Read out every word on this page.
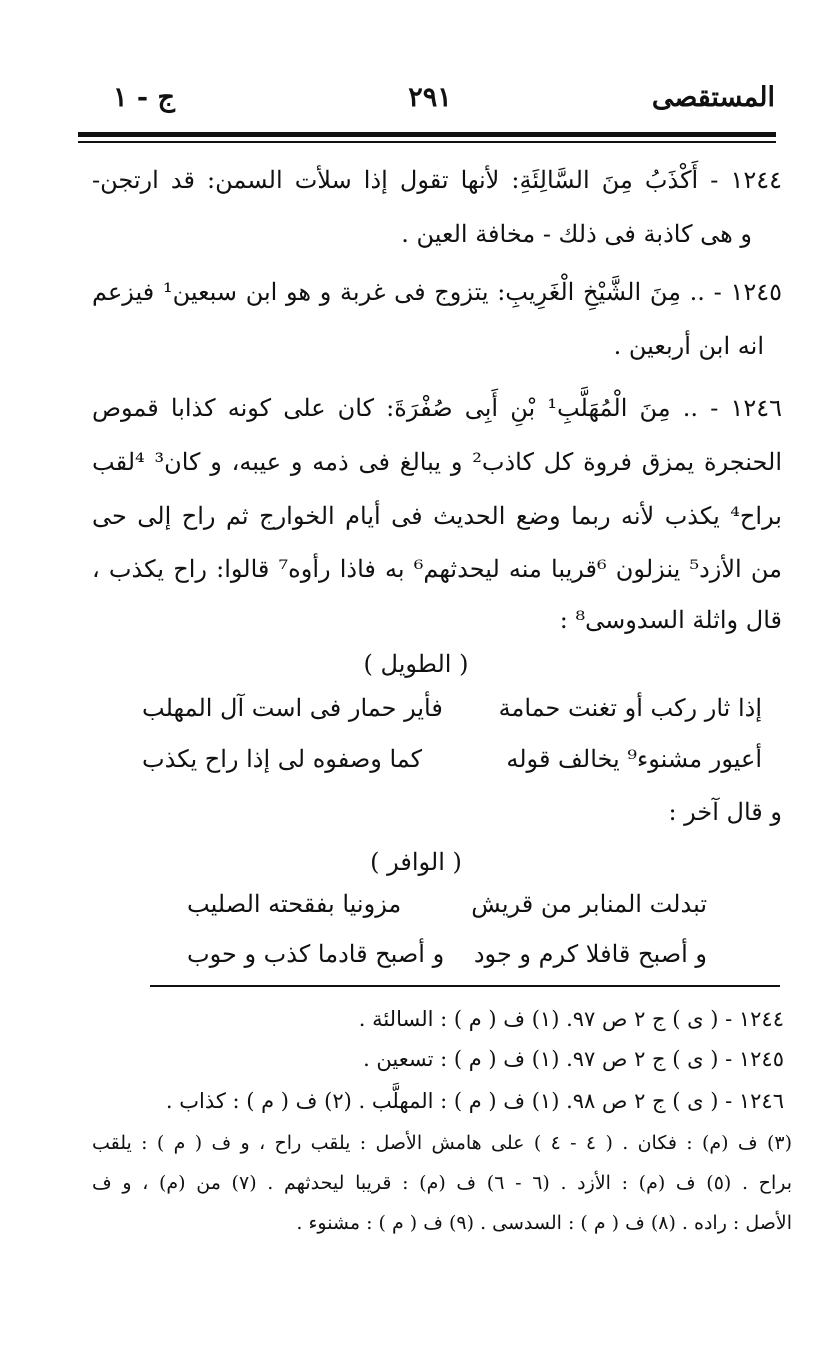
المستقصى
٢٩١
ج - ١
١٢٤٤ - أَكْذَبُ مِنَ السَّالِئَةِ: لأنها تقول إذا سلأت السمن: قد ارتجن-
و هى كاذبة فى ذلك - مخافة العين .
١٢٤٥ - .. مِنَ الشَّيْخِ الْغَرِيبِ: يتزوج فى غربة و هو ابن سبعين¹ فيزعم
انه ابن أربعين .
١٢٤٦ - .. مِنَ الْمُهَلَّبِ¹ بْنِ أَبِى صُفْرَةَ: كان على كونه كذابا قموص
الحنجرة يمزق فروة كل كاذب² و يبالغ فى ذمه و عيبه، و كان³ ⁴لقب
براح⁴ يكذب لأنه ربما وضع الحديث فى أيام الخوارج ثم راح إلى حى
من الأزد⁵ ينزلون ⁶قريبا منه ليحدثهم⁶ به فاذا رأوه⁷ قالوا: راح يكذب ،
قال واثلة السدوسى⁸ :
( الطويل )
إذا ثار ركب أو تغنت حمامة
فأير حمار فى است آل المهلب
أعيور مشنوء⁹ يخالف قوله
كما وصفوه لى إذا راح يكذب
و قال آخر :
( الوافر )
تبدلت المنابر من قريش
مزونيا بفقحته الصليب
و أصبح قافلا كرم و جود
و أصبح قادما كذب و حوب
١٢٤٤ - ( ى ) ج ٢ ص ٩٧. (١) ف ( م ) : السالئة .
١٢٤٥ - ( ى ) ج ٢ ص ٩٧. (١) ف ( م ) : تسعين .
١٢٤٦ - ( ى ) ج ٢ ص ٩٨. (١) ف ( م ) : المهلَّب . (٢) ف ( م ) : كذاب .
(٣) ف (م) : فكان . ( ٤ - ٤ ) على هامش الأصل : يلقب راح ، و ف ( م ) : يلقب
براح . (٥) ف (م) : الأزد . (٦ - ٦) ف (م) : قريبا ليحدثهم . (٧) من (م) ، و ف
الأصل : راده . (٨) ف ( م ) : السدسى . (٩) ف ( م ) : مشنوء .
